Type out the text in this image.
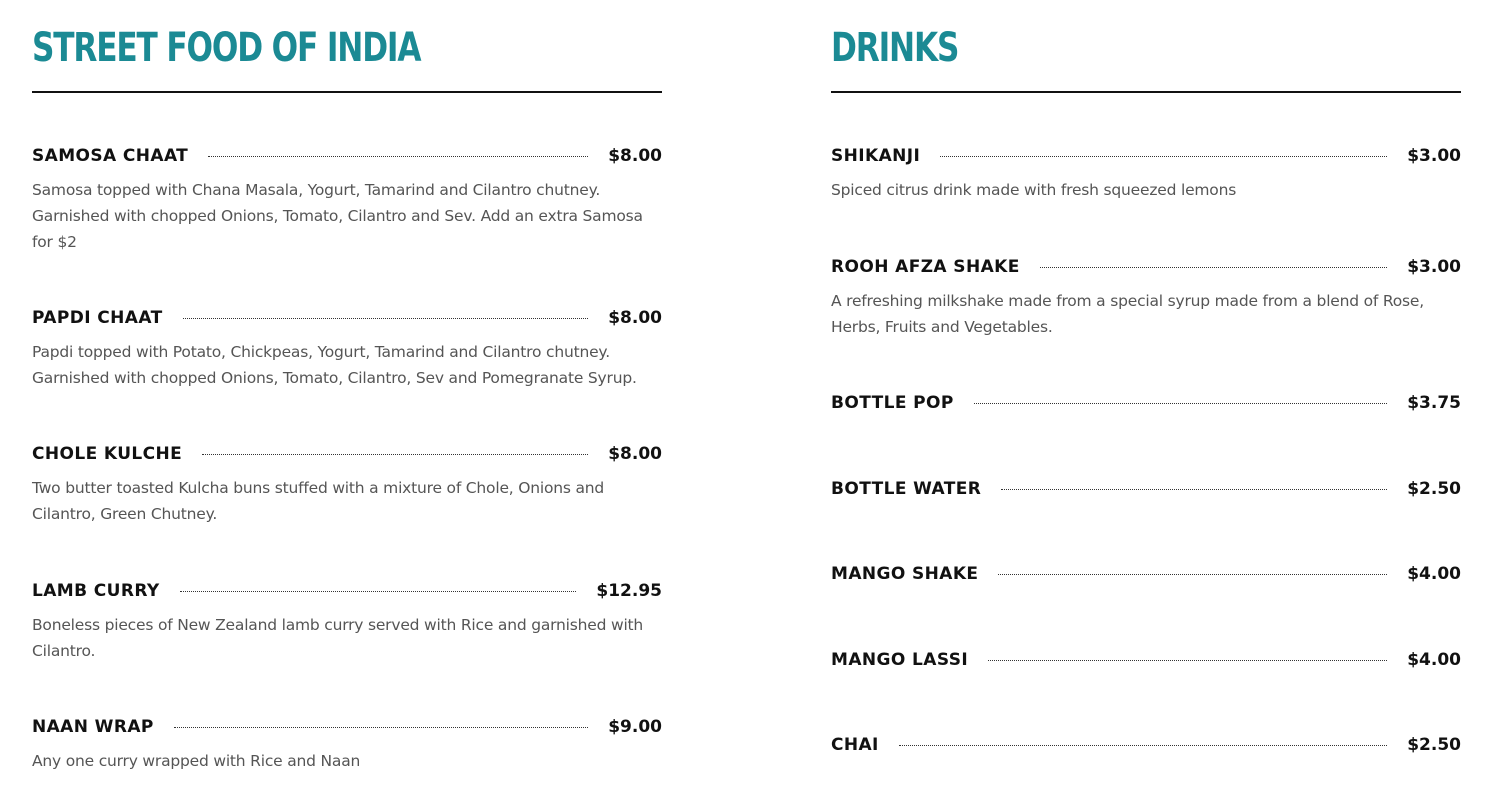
STREET FOOD OF INDIA
SAMOSA CHAAT	$8.00
Samosa topped with Chana Masala, Yogurt, Tamarind and Cilantro chutney. Garnished with chopped Onions, Tomato, Cilantro and Sev. Add an extra Samosa for $2
PAPDI CHAAT	$8.00
Papdi topped with Potato, Chickpeas, Yogurt, Tamarind and Cilantro chutney. Garnished with chopped Onions, Tomato, Cilantro, Sev and Pomegranate Syrup.
CHOLE KULCHE	$8.00
Two butter toasted Kulcha buns stuffed with a mixture of Chole, Onions and Cilantro, Green Chutney.
LAMB CURRY	$12.95
Boneless pieces of New Zealand lamb curry served with Rice and garnished with Cilantro.
NAAN WRAP	$9.00
Any one curry wrapped with Rice and Naan
DRINKS
SHIKANJI	$3.00
Spiced citrus drink made with fresh squeezed lemons
ROOH AFZA SHAKE	$3.00
A refreshing milkshake made from a special syrup made from a blend of Rose, Herbs, Fruits and Vegetables.
BOTTLE POP	$3.75
BOTTLE WATER	$2.50
MANGO SHAKE	$4.00
MANGO LASSI	$4.00
CHAI	$2.50
